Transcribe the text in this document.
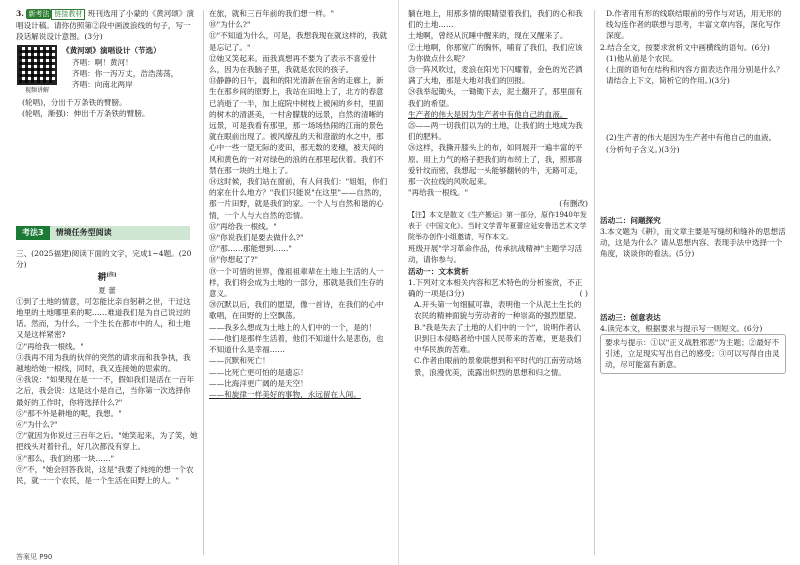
3. 新考法 链接教材 班刊选用了小蒙的《黄河颂》演唱设计稿。请你仿照第②段中画波浪线的句子，写一段话解说设计意图。(3分)

视频讲解

《黄河颂》演唱设计（节选）

齐唱：啊！黄河！

齐唱：你一泻万丈，浩浩荡荡，

齐唱：向南北两岸

(轮唱)，分出千万条铁的臂膀。

(轮唱，渐强)：伸出千万条铁的臂膀。

考法3 情境任务型阅读

三、(2025福建)阅读下面的文字，完成1~4题。(20分)

耕[注]

夏 蕾

①到了土地的情意，可怎能比亲自躬耕之世，干过这地里的土地哪里来的呢……难道我们是为自己说过的话。然而，为什么，一个生长在都市中的人，和土地又是这样紧密?

②"再给我一根线。"

③我再不用为我的伙伴的突然的请求而和我争执，我越地给她一根线，同时，我又连接她的思索的。

④我说："如果现在是一一不，假如我们是活在一百年之后，我会说：这是这小是自己，当你第一次选择你最好的工作时，你将选择什么?"

⑤"那不外是耕地的呢，我想。"

⑥"为什么?"

⑦"就因为你说过三百年之后。"她笑起来，为了笑，她把线头对着针孔，好几次都没有穿上。

⑧"那么，我们的那一块……"

⑨"不，"她会回答我说，这是"我要了纯纯的想一个农民，就一一个农民，是一个生活在田野上的人。"

在旅，就和三百年前的我们想一样。"

⑩"为什么?"

⑪"不知道为什么，可是，我想我现在就这样的，我就是忘记了。"

⑫她又笑起来。而我真想再不要为了表示不喜爱什么，因为在我脑子里，我就是农民的孩子。

⑬静静的日午，温和的阳光清新在宿舍的走廊上，新生在那乡间的原野上，我站在田地上了，北方的春意已消逝了一半，加上庭院中树枝上被闲的乡村，里面的树木的清湛美，一村舍朦胧的远景，自然的清晰的远景，可是我看有那里，那一场场热闹的江南的景色就在眼前出现了。被风缭乱的天和澄澈的水之中，那心中一些一望无际的麦田，那无数的麦穗，被天间的风和黄色的一对对绿色的浪的在那里起伏着。我们不禁在那一块的土地上了。

⑭这时候，我们站在窗前，有人问我们："姐姐，你们的家在什么地方？"我们只能说"在这里"——自然的，那一片田野，就是我们的家。一个人与自然和谐的心情，一个人与大自然的恋情。

⑮"再给我一根线。"

⑯"你说我们是要去做什么?"

⑰"那……那能想到……"

⑱"你想起了?"

⑲一个可惜的世界，像祖祖辈辈在土地上生活的人一样，我们将会成为土地的一部分，那就是我们生存的意义。

⑳沉默以后，我们的愿望，像一首诗，在我们的心中歌唱，在田野的上空飘荡。

——我多么想成为土地上的人们中的一个，是的！

——他们是那样生活着，他们不知道什么是悲伤，也不知道什么是幸福……

——沉默和死亡！

——比死亡更可怕的是遗忘！

——比海洋更广阔的是天空！

——和旋律一样美好的事物，永远留在人间。

答案见 P90

躺在地上，用那多情的眼睛望着我们，我们的心和我们的土地……

土地啊，曾经从沉睡中醒来的，现在又醒来了。

②土地啊，你那宽广的胸怀，哺育了我们，我们应该为你做点什么呢？

㉓一阵风吹过，麦浪在阳光下闪耀着，金色的光芒洒满了大地，那是大地对我们的回报。

㉔我举起锄头，一锄锄下去，泥土翻开了，那里面有我们的希望。

生产者的伟大是因为生产者中有他自己的血液。

㉕——两一切我们以为的土地，让我们的土地成为我们的肥料。

㉖这样，我撕开膝头上的布，如同展开一遍丰富的平原。用上力气的格子把我们的布纫上了，我，照那喜爱针纹而密，我想起一头能够翻转的牛，无路可走，那一次拉线的风吹起来。

"再给我一根线。"

(有删改)

【注】本文是散文《生产搬运》第一部分，原作1940年发表于《中国文化》。当时文学青年夏蕾应延安鲁迅艺术文学院举办创作小组邀请，写作本文。

班级开展"学习革命作品，传承抗战精神"主题学习活动，请你参与。

活动一：文本赏析

1.下列对文本相关内容和艺术特色的分析鉴赏，不正确的一项是(3分)	( )

A.开头第一句细腻可靠，表明他一个从泥土生长的农民的精神面貌与劳动者的一种崇高的强烈愿望。

B."我是失去了土地的人们中的一个"，说明作者认识到日本侵略者给中国人民带来的苦难，更是我们中华民族的苦难。

C.作者由眼前的景象联想到和平时代的江南劳动场景，浪漫优美，流露出炽烈的思想和归之情。

D.作者用有形的线联结眼前的劳作与对话，用无形的线勾连作者的联想与思考，丰富文章内容，深化写作深度。

2.结合全文，按要求赏析文中画横线的语句。(6分)

(1)他从前是个农民。

(上面的语句在结构和内容方面表达作用分别是什么？请结合上下文，简析它的作用。)(3分)

(2)生产者的伟大是因为生产者中有他自己的血液。

(分析句子含义。)(3分)

活动二：问题探究

3.本文题为《耕》，而文章主要是写缝纫和缝补的思想活动，这是为什么？请从思想内容、表现手法中选择一个角度，谈谈你的看法。(5分)

活动三：创意表达

4.读完本文，根据要求与提示写一则短文。(6分)

要求与提示：①以"正义战胜邪恶"为主题；②最好不引述，立足现实写出自己的感受；③可以写得自由灵动，尽可能富有新意。
